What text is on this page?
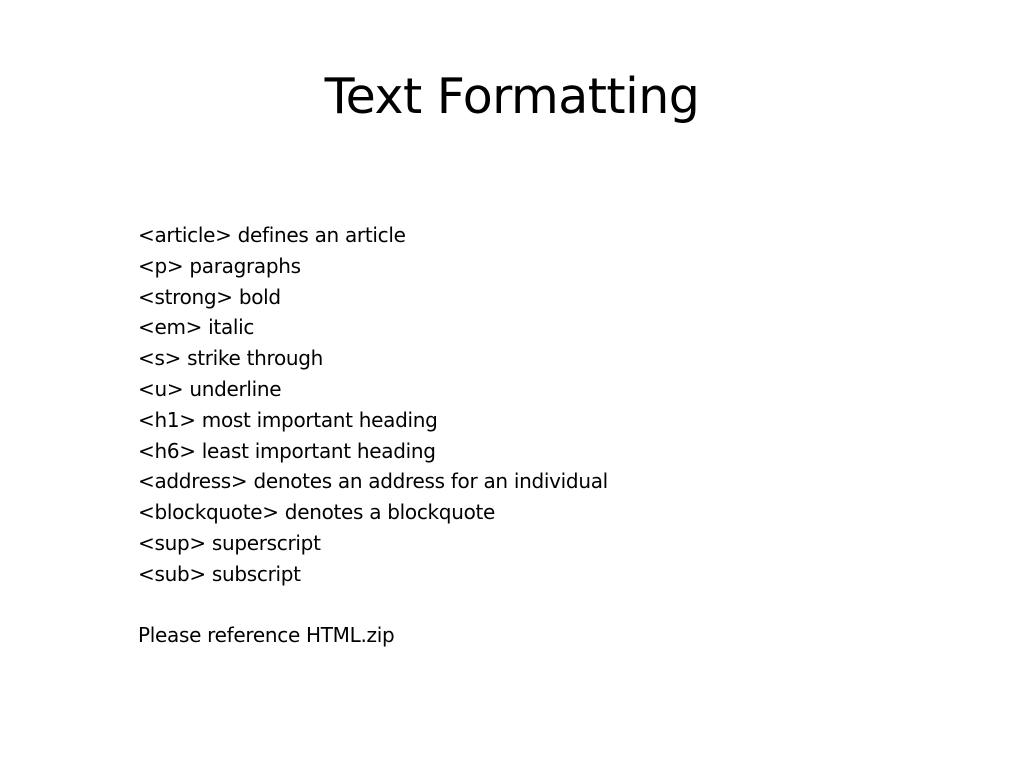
Text Formatting
<article> defines an article
<p> paragraphs
<strong> bold
<em> italic
<s> strike through
<u> underline
<h1> most important heading
<h6> least important heading
<address> denotes an address for an individual
<blockquote> denotes a blockquote
<sup> superscript
<sub> subscript
Please reference HTML.zip
